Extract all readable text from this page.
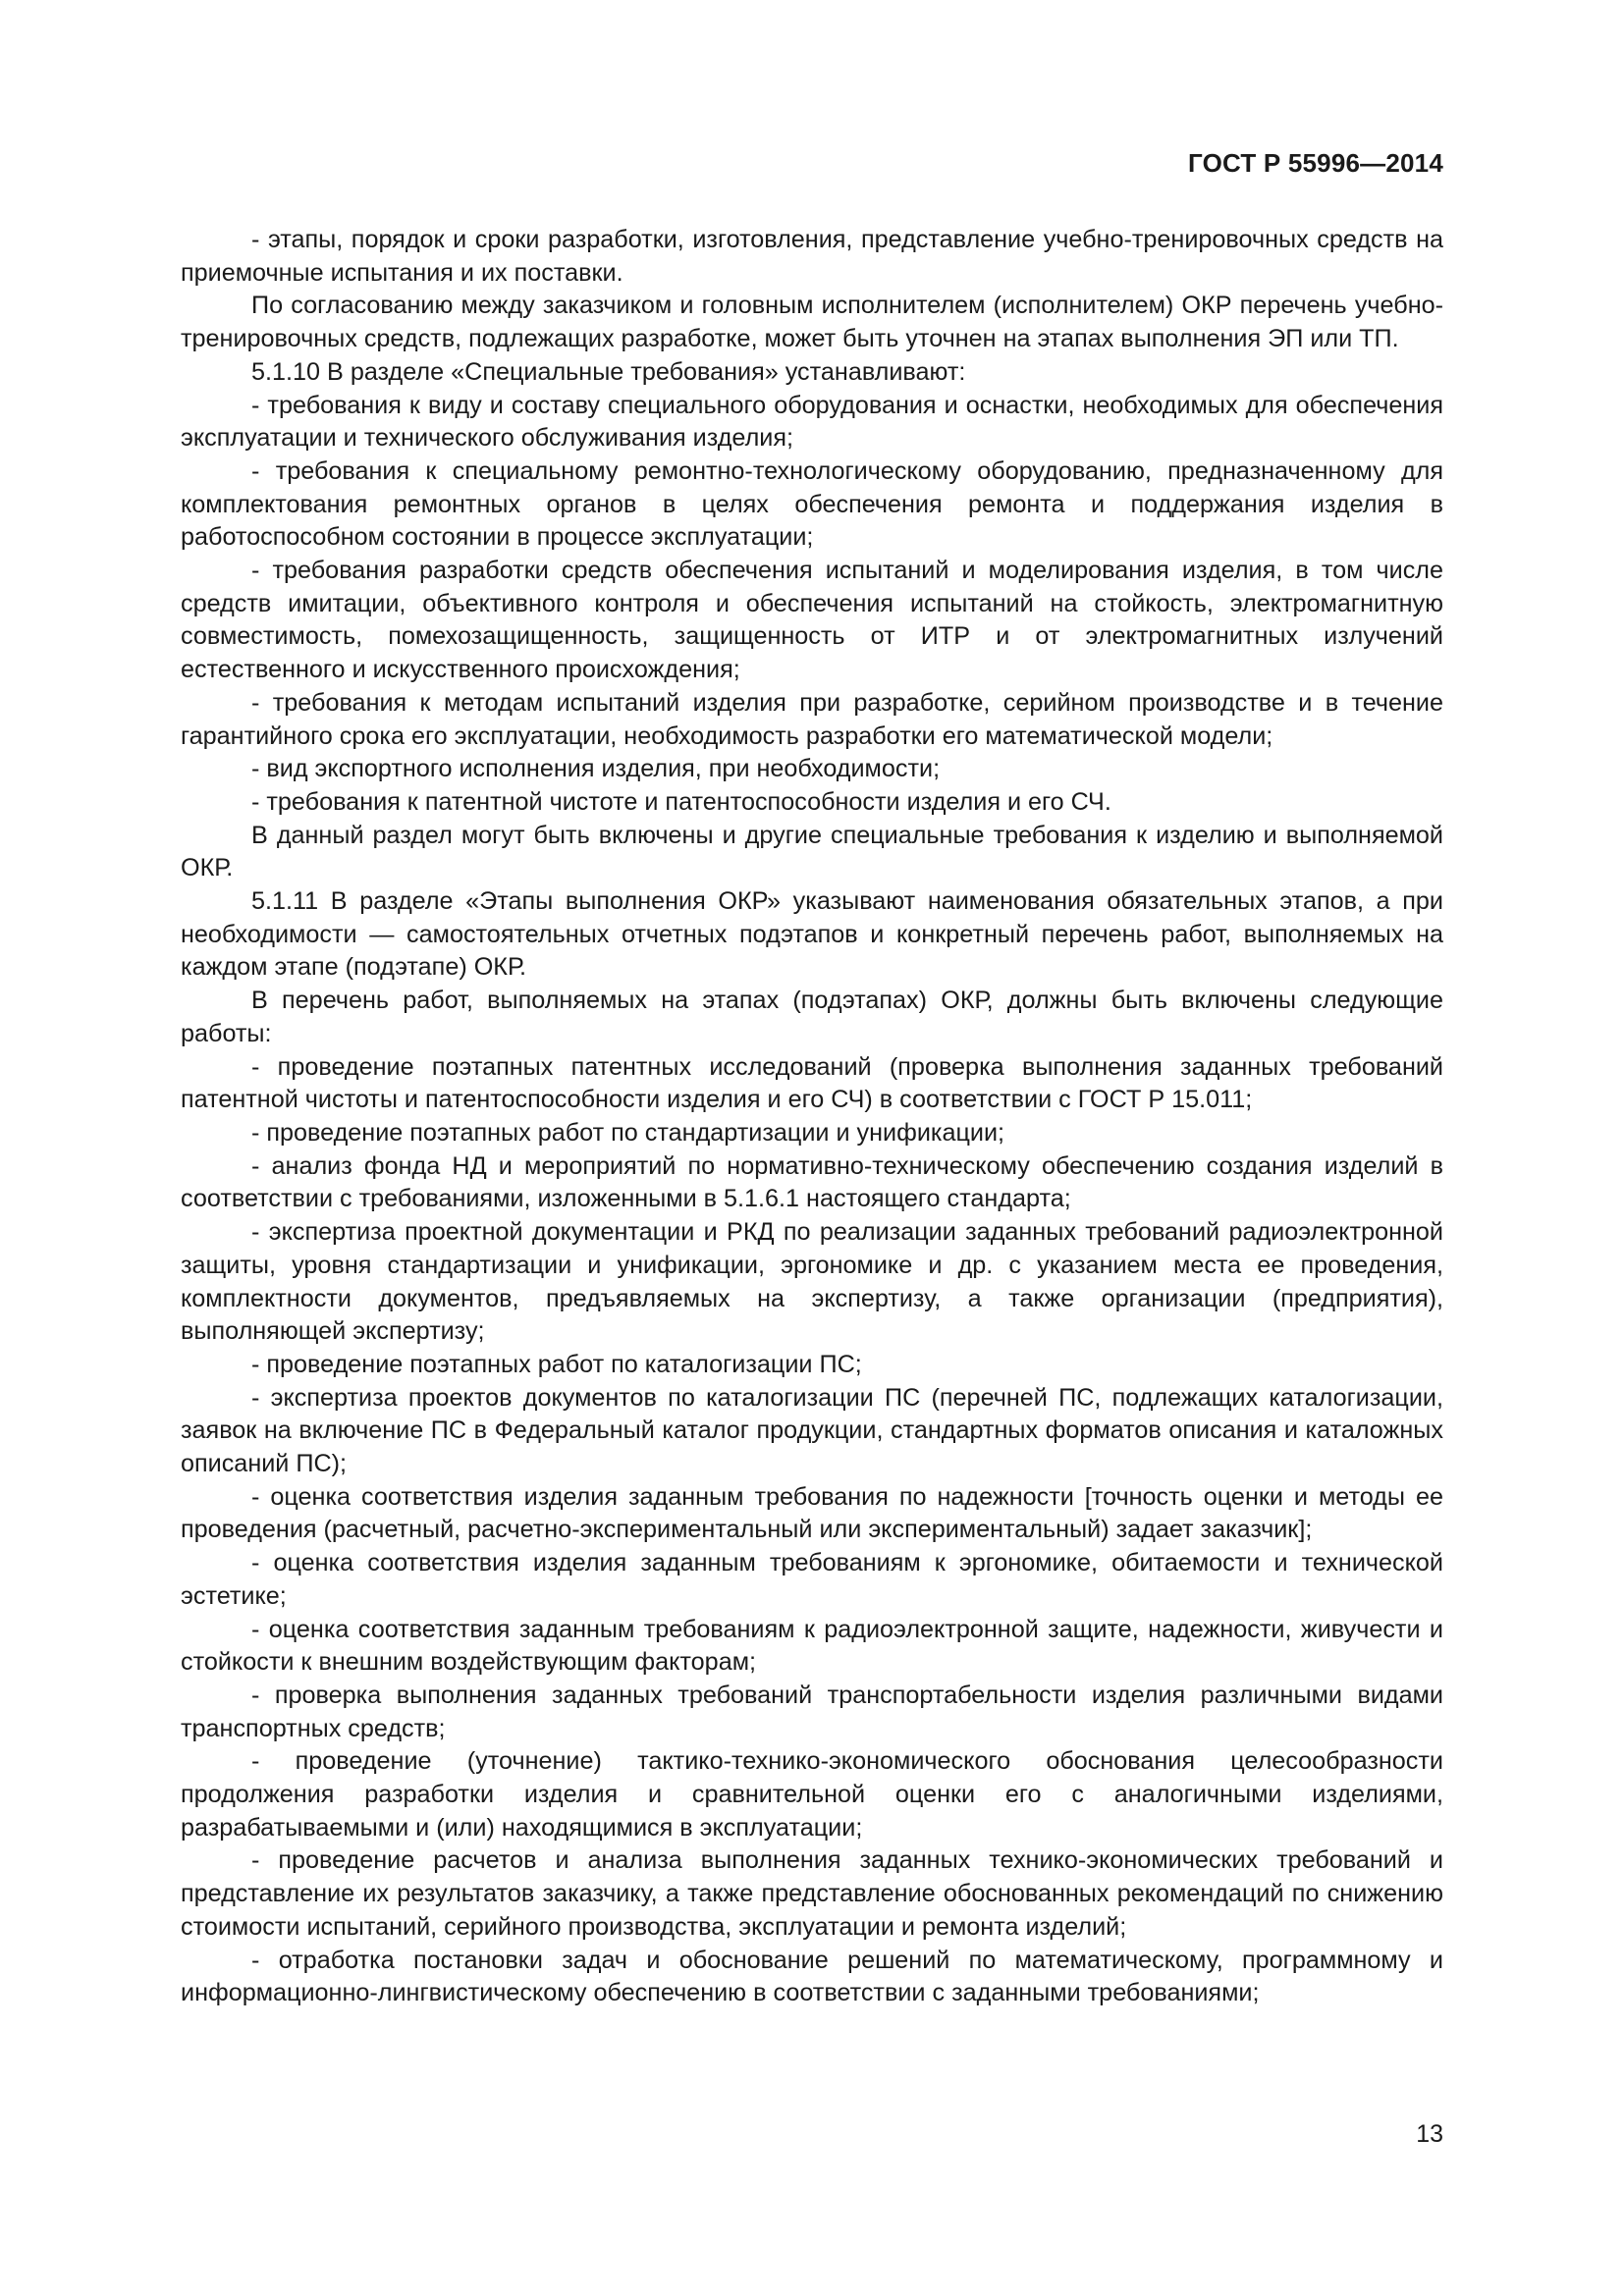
ГОСТ Р 55996—2014

- этапы, порядок и сроки разработки, изготовления, представление учебно-тренировочных средств на приемочные испытания и их поставки.

По согласованию между заказчиком и головным исполнителем (исполнителем) ОКР перечень учебно-тренировочных средств, подлежащих разработке, может быть уточнен на этапах выполнения ЭП или ТП.

5.1.10 В разделе «Специальные требования» устанавливают:

- требования к виду и составу специального оборудования и оснастки, необходимых для обеспечения эксплуатации и технического обслуживания изделия;

- требования к специальному ремонтно-технологическому оборудованию, предназначенному для комплектования ремонтных органов в целях обеспечения ремонта и поддержания изделия в работоспособном состоянии в процессе эксплуатации;

- требования разработки средств обеспечения испытаний и моделирования изделия, в том числе средств имитации, объективного контроля и обеспечения испытаний на стойкость, электромагнитную совместимость, помехозащищенность, защищенность от ИТР и от электромагнитных излучений естественного и искусственного происхождения;

- требования к методам испытаний изделия при разработке, серийном производстве и в течение гарантийного срока его эксплуатации, необходимость разработки его математической модели;

- вид экспортного исполнения изделия, при необходимости;

- требования к патентной чистоте и патентоспособности изделия и его СЧ.

В данный раздел могут быть включены и другие специальные требования к изделию и выполняемой ОКР.

5.1.11 В разделе «Этапы выполнения ОКР» указывают наименования обязательных этапов, а при необходимости — самостоятельных отчетных подэтапов и конкретный перечень работ, выполняемых на каждом этапе (подэтапе) ОКР.

В перечень работ, выполняемых на этапах (подэтапах) ОКР, должны быть включены следующие работы:

- проведение поэтапных патентных исследований (проверка выполнения заданных требований патентной чистоты и патентоспособности изделия и его СЧ) в соответствии с ГОСТ Р 15.011;

- проведение поэтапных работ по стандартизации и унификации;

- анализ фонда НД и мероприятий по нормативно-техническому обеспечению создания изделий в соответствии с требованиями, изложенными в 5.1.6.1 настоящего стандарта;

- экспертиза проектной документации и РКД по реализации заданных требований радиоэлектронной защиты, уровня стандартизации и унификации, эргономике и др. с указанием места ее проведения, комплектности документов, предъявляемых на экспертизу, а также организации (предприятия), выполняющей экспертизу;

- проведение поэтапных работ по каталогизации ПС;

- экспертиза проектов документов по каталогизации ПС (перечней ПС, подлежащих каталогизации, заявок на включение ПС в Федеральный каталог продукции, стандартных форматов описания и каталожных описаний ПС);

- оценка соответствия изделия заданным требования по надежности [точность оценки и методы ее проведения (расчетный, расчетно-экспериментальный или экспериментальный) задает заказчик];

- оценка соответствия изделия заданным требованиям к эргономике, обитаемости и технической эстетике;

- оценка соответствия заданным требованиям к радиоэлектронной защите, надежности, живучести и стойкости к внешним воздействующим факторам;

- проверка выполнения заданных требований транспортабельности изделия различными видами транспортных средств;

- проведение (уточнение) тактико-технико-экономического обоснования целесообразности продолжения разработки изделия и сравнительной оценки его с аналогичными изделиями, разрабатываемыми и (или) находящимися в эксплуатации;

- проведение расчетов и анализа выполнения заданных технико-экономических требований и представление их результатов заказчику, а также представление обоснованных рекомендаций по снижению стоимости испытаний, серийного производства, эксплуатации и ремонта изделий;

- отработка постановки задач и обоснование решений по математическому, программному и информационно-лингвистическому обеспечению в соответствии с заданными требованиями;

13
